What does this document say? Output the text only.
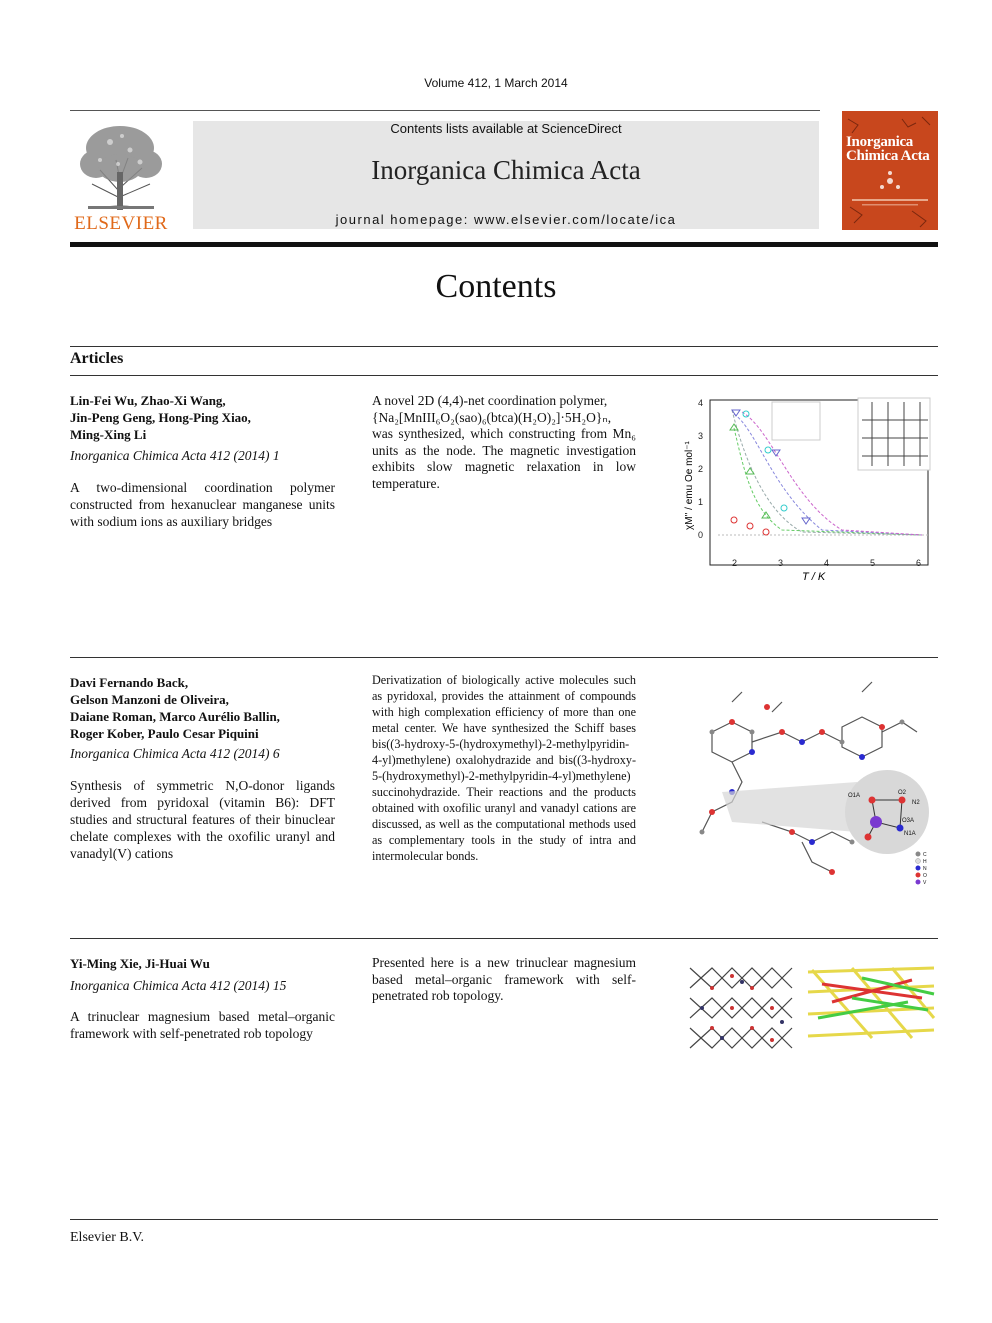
Volume 412, 1 March 2014
ELSEVIER
Contents lists available at ScienceDirect
Inorganica Chimica Acta
journal homepage: www.elsevier.com/locate/ica
Inorganica
Chimica Acta
Contents
Articles
Lin-Fei Wu, Zhao-Xi Wang,
Jin-Peng Geng, Hong-Ping Xiao,
Ming-Xing Li
Inorganica Chimica Acta 412 (2014) 1
A two-dimensional coordination polymer constructed from hexanuclear manganese units with sodium ions as auxiliary bridges
A novel 2D (4,4)-net coordination polymer,
{Na₂[MnIII₆O₂(sao)₆(btca)(H₂O)₂]·5H₂O}ₙ,
was synthesized, which constructing from Mn₆ units as the node. The magnetic investigation exhibits slow magnetic relaxation in low temperature.
0
1
2
3
4
2	3	4	5	6
T / K
χM'' / emu Oe mol⁻¹
Davi Fernando Back,
Gelson Manzoni de Oliveira,
Daiane Roman, Marco Aurélio Ballin,
Roger Kober, Paulo Cesar Piquini
Inorganica Chimica Acta 412 (2014) 6
Synthesis of symmetric N,O-donor ligands derived from pyridoxal (vitamin B6): DFT studies and structural features of their binuclear chelate complexes with the oxofilic uranyl and vanadyl(V) cations
Derivatization of biologically active molecules such as pyridoxal, provides the attainment of compounds with high complexation efficiency of more than one metal center. We have synthesized the Schiff bases bis((3-hydroxy-5-(hydroxymethyl)-2-methylpyridin-4-yl)methylene) oxalohydrazide and bis((3-hydroxy-5-(hydroxymethyl)-2-methylpyridin-4-yl)methylene) succinohydrazide. Their reactions and the products obtained with oxofilic uranyl and vanadyl cations are discussed, as well as the computational methods used as complementary tools in the study of intra and intermolecular bonds.
O1A	O2
N2
N1A
O3A
C
H
N
O
V
Yi-Ming Xie, Ji-Huai Wu
Inorganica Chimica Acta 412 (2014) 15
A trinuclear magnesium based metal–organic framework with self-penetrated rob topology
Presented here is a new trinuclear magnesium based metal–organic framework with self-penetrated rob topology.
Elsevier B.V.
